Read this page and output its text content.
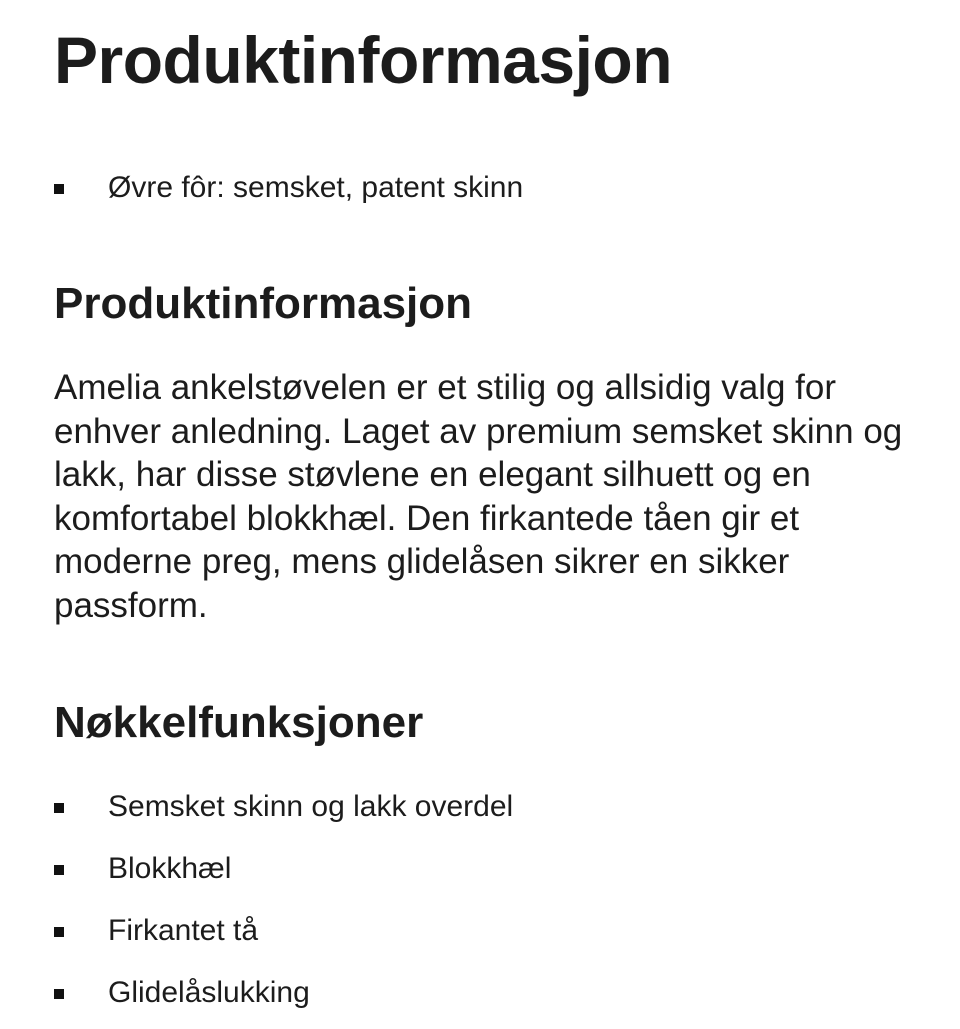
Produktinformasjon
Øvre fôr: semsket, patent skinn
Produktinformasjon

Amelia ankelstøvelen er et stilig og allsidig valg for enhver anledning. Laget av premium semsket skinn og lakk, har disse støvlene en elegant silhuett og en komfortabel blokkhæl. Den firkantede tåen gir et moderne preg, mens glidelåsen sikrer en sikker passform.

Nøkkelfunksjoner
Semsket skinn og lakk overdel
Blokkhæl
Firkantet tå
Glidelåslukking
